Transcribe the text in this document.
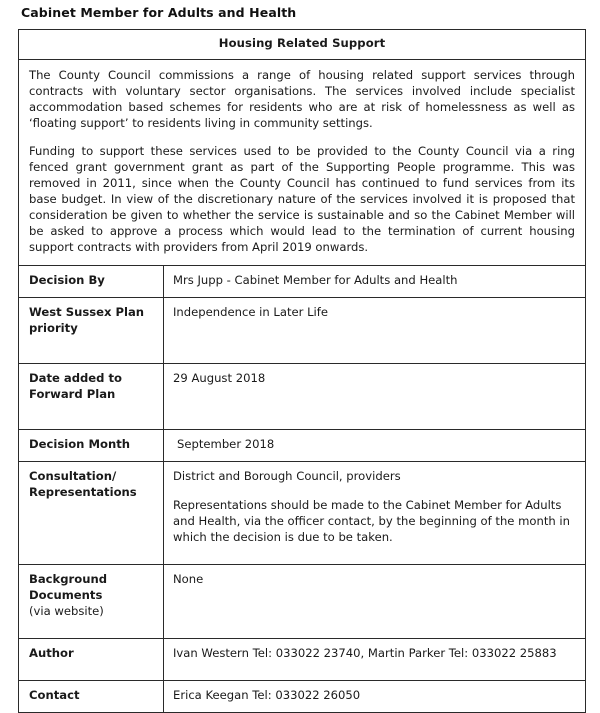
Cabinet Member for Adults and Health
Housing Related Support	

The County Council commissions a range of housing related support services through contracts with voluntary sector organisations. The services involved include specialist accommodation based schemes for residents who are at risk of homelessness as well as ‘floating support’ to residents living in community settings.

Funding to support these services used to be provided to the County Council via a ring fenced grant government grant as part of the Supporting People programme. This was removed in 2011, since when the County Council has continued to fund services from its base budget. In view of the discretionary nature of the services involved it is proposed that consideration be given to whether the service is sustainable and so the Cabinet Member will be asked to approve a process which would lead to the termination of current housing support contracts with providers from April 2019 onwards.	

Decision By	Mrs Jupp - Cabinet Member for Adults and Health
West Sussex Plan priority	Independence in Later Life
Date added to Forward Plan	29 August 2018
Decision Month	September 2018
Consultation/ Representations	District and Borough Council, providers

Representations should be made to the Cabinet Member for Adults and Health, via the officer contact, by the beginning of the month in which the decision is due to be taken.

Background Documents
(via website)	None
Author	Ivan Western Tel: 033022 23740, Martin Parker Tel: 033022 25883
Contact	Erica Keegan Tel: 033022 26050
